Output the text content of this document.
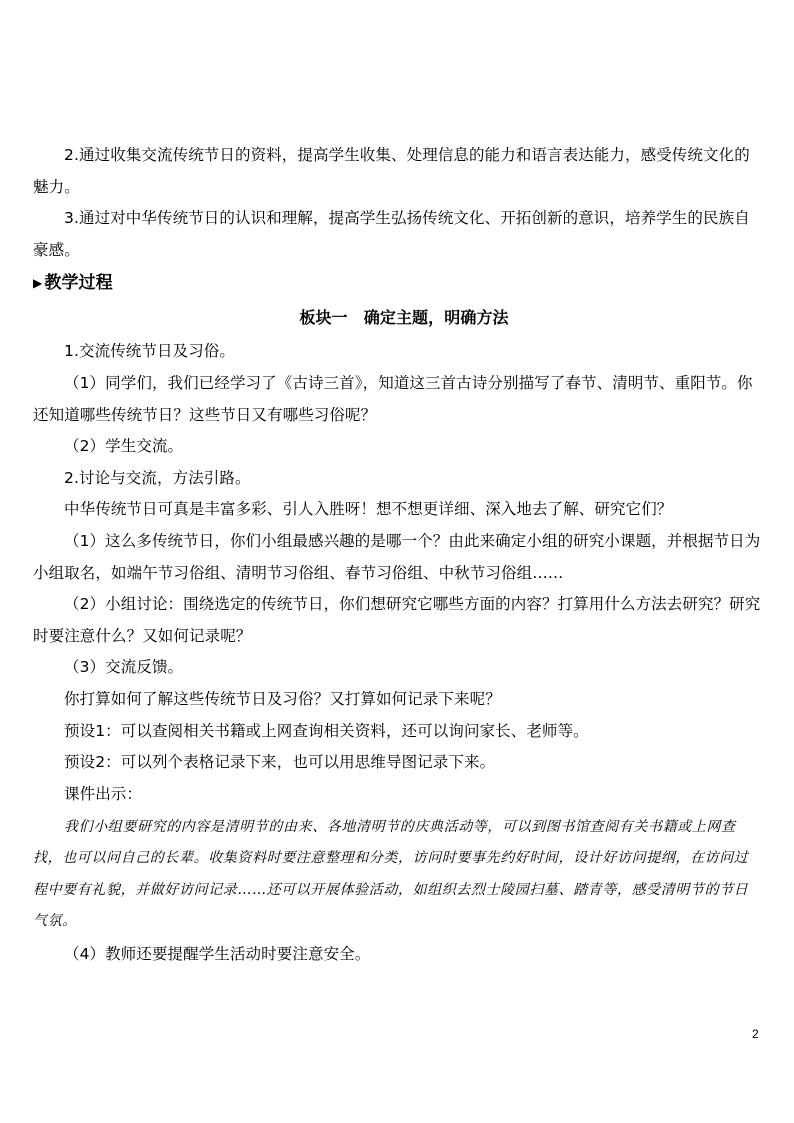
2.通过收集交流传统节日的资料，提高学生收集、处理信息的能力和语言表达能力，感受传统文化的魅力。

3.通过对中华传统节日的认识和理解，提高学生弘扬传统文化、开拓创新的意识，培养学生的民族自豪感。

▶ 教学过程

板块一　确定主题，明确方法

1.交流传统节日及习俗。

（1）同学们，我们已经学习了《古诗三首》，知道这三首古诗分别描写了春节、清明节、重阳节。你还知道哪些传统节日？这些节日又有哪些习俗呢？

（2）学生交流。

2.讨论与交流，方法引路。

中华传统节日可真是丰富多彩、引人入胜呀！想不想更详细、深入地去了解、研究它们？

（1）这么多传统节日，你们小组最感兴趣的是哪一个？由此来确定小组的研究小课题，并根据节日为小组取名，如端午节习俗组、清明节习俗组、春节习俗组、中秋节习俗组……

（2）小组讨论：围绕选定的传统节日，你们想研究它哪些方面的内容？打算用什么方法去研究？研究时要注意什么？又如何记录呢？

（3）交流反馈。

你打算如何了解这些传统节日及习俗？又打算如何记录下来呢？

预设1：可以查阅相关书籍或上网查询相关资料，还可以询问家长、老师等。

预设2：可以列个表格记录下来，也可以用思维导图记录下来。

课件出示：

我们小组要研究的内容是清明节的由来、各地清明节的庆典活动等，可以到图书馆查阅有关书籍或上网查找，也可以问自己的长辈。收集资料时要注意整理和分类，访问时要事先约好时间，设计好访问提纲，在访问过程中要有礼貌，并做好访问记录……还可以开展体验活动，如组织去烈士陵园扫墓、踏青等，感受清明节的节日气氛。

（4）教师还要提醒学生活动时要注意安全。

2
